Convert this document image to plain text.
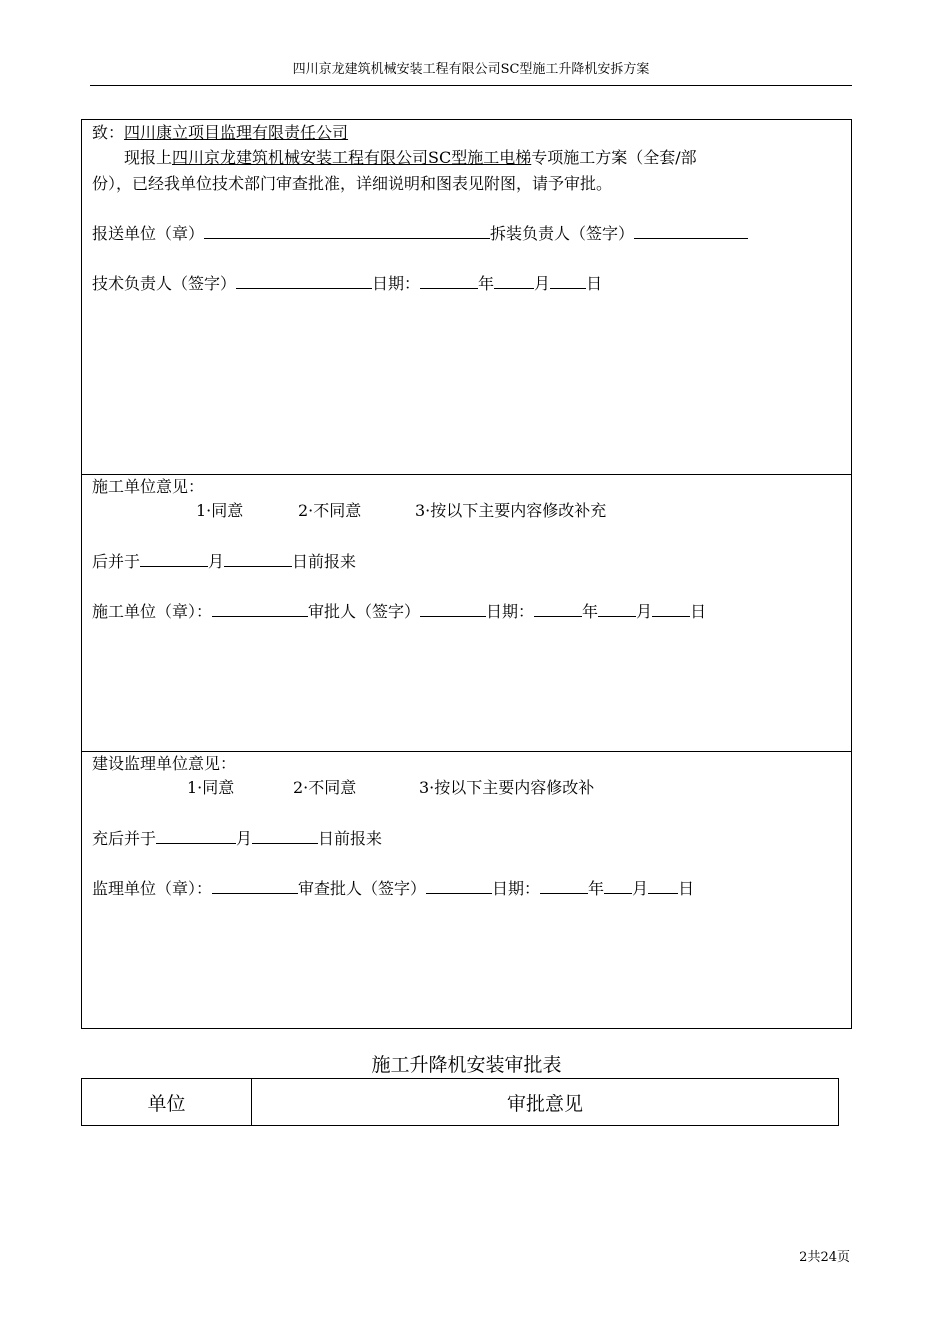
四川京龙建筑机械安装工程有限公司SC型施工升降机安拆方案
致：四川康立项目监理有限责任公司
现报上四川京龙建筑机械安装工程有限公司SC型施工电梯专项施工方案（全套/部
份），已经我单位技术部门审查批准，详细说明和图表见附图，请予审批。
报送单位（章）	拆装负责人（签字）
技术负责人（签字）	日期：	年	月 日
施工单位意见：
1·同意	2·不同意	3·按以下主要内容修改补充
后并于	月	日前报来
施工单位（章）：	审批人（签字）	日期：	年 月 日
建设监理单位意见：
1·同意	2·不同意	3·按以下主要内容修改补
充后并于	月	日前报来
监理单位（章）：	审查批人（签字）	日期：	年 月 日
施工升降机安装审批表
单位	审批意见
2共24页
